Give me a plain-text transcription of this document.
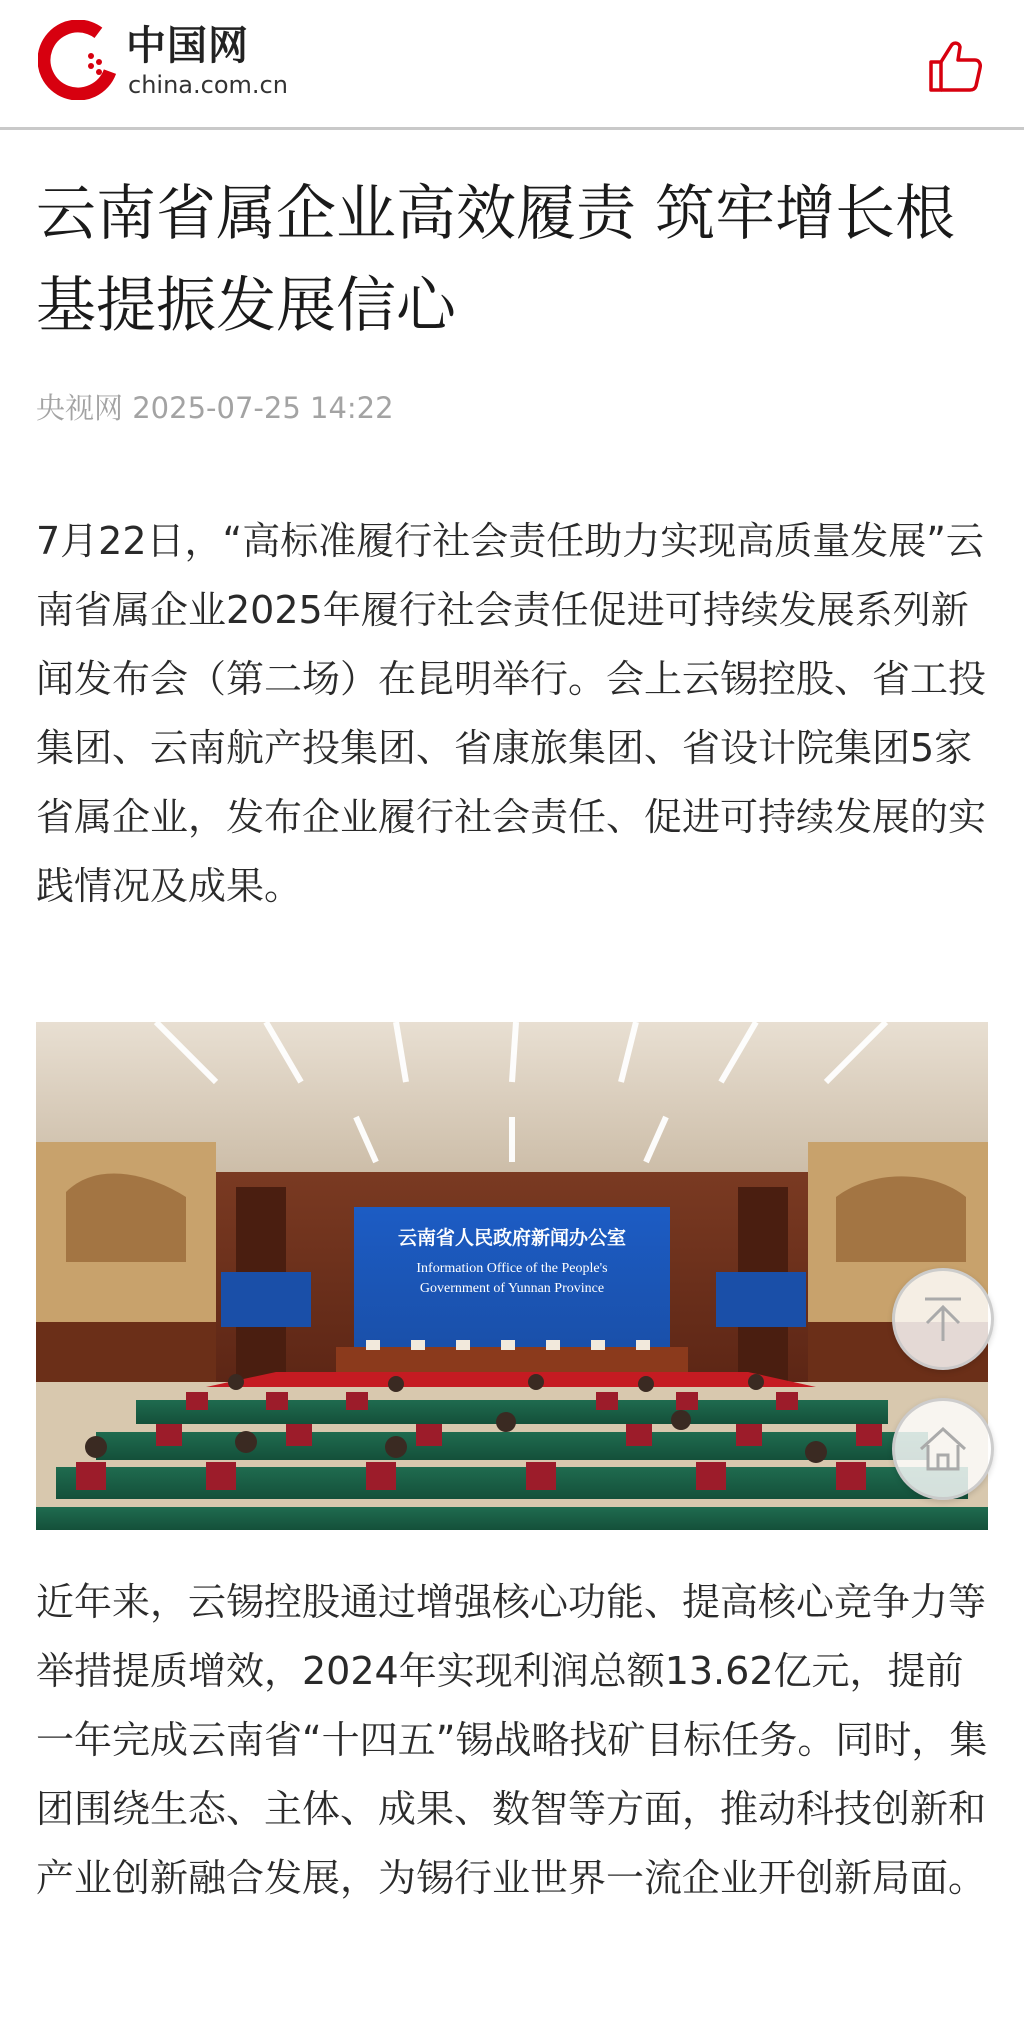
中国网
china.com.cn
云南省属企业高效履责 筑牢增长根基提振发展信心
央视网 2025-07-25 14:22

7月22日，“高标准履行社会责任助力实现高质量发展”云南省属企业2025年履行社会责任促进可持续发展系列新闻发布会（第二场）在昆明举行。会上云锡控股、省工投集团、云南航产投集团、省康旅集团、省设计院集团5家省属企业，发布企业履行社会责任、促进可持续发展的实践情况及成果。

云南省人民政府新闻办公室
Information Office of the People's
Government of Yunnan Province

近年来，云锡控股通过增强核心功能、提高核心竞争力等举措提质增效，2024年实现利润总额13.62亿元，提前一年完成云南省“十四五”锡战略找矿目标任务。同时，集团围绕生态、主体、成果、数智等方面，推动科技创新和产业创新融合发展，为锡行业世界一流企业开创新局面。
